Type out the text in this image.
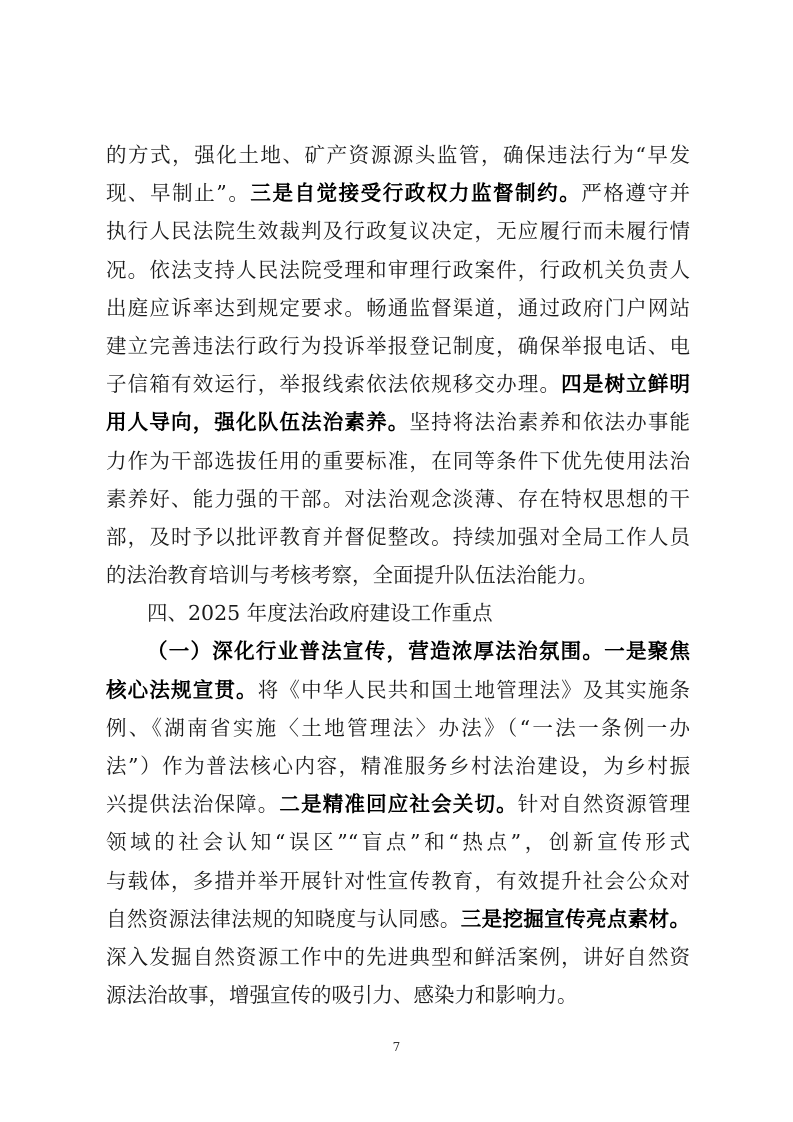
的方式，强化土地、矿产资源源头监管，确保违法行为“早发
现、早制止”。三是自觉接受行政权力监督制约。严格遵守并
执行人民法院生效裁判及行政复议决定，无应履行而未履行情
况。依法支持人民法院受理和审理行政案件，行政机关负责人
出庭应诉率达到规定要求。畅通监督渠道，通过政府门户网站
建立完善违法行政行为投诉举报登记制度，确保举报电话、电
子信箱有效运行，举报线索依法依规移交办理。四是树立鲜明
用人导向，强化队伍法治素养。坚持将法治素养和依法办事能
力作为干部选拔任用的重要标准，在同等条件下优先使用法治
素养好、能力强的干部。对法治观念淡薄、存在特权思想的干
部，及时予以批评教育并督促整改。持续加强对全局工作人员
的法治教育培训与考核考察，全面提升队伍法治能力。
四、2025 年度法治政府建设工作重点
（一）深化行业普法宣传，营造浓厚法治氛围。一是聚焦
核心法规宣贯。将《中华人民共和国土地管理法》及其实施条
例、《湖南省实施〈土地管理法〉办法》（“一法一条例一办
法”）作为普法核心内容，精准服务乡村法治建设，为乡村振
兴提供法治保障。二是精准回应社会关切。针对自然资源管理
领域的社会认知“误区”“盲点”和“热点”，创新宣传形式
与载体，多措并举开展针对性宣传教育，有效提升社会公众对
自然资源法律法规的知晓度与认同感。三是挖掘宣传亮点素材。
深入发掘自然资源工作中的先进典型和鲜活案例，讲好自然资
源法治故事，增强宣传的吸引力、感染力和影响力。
7
